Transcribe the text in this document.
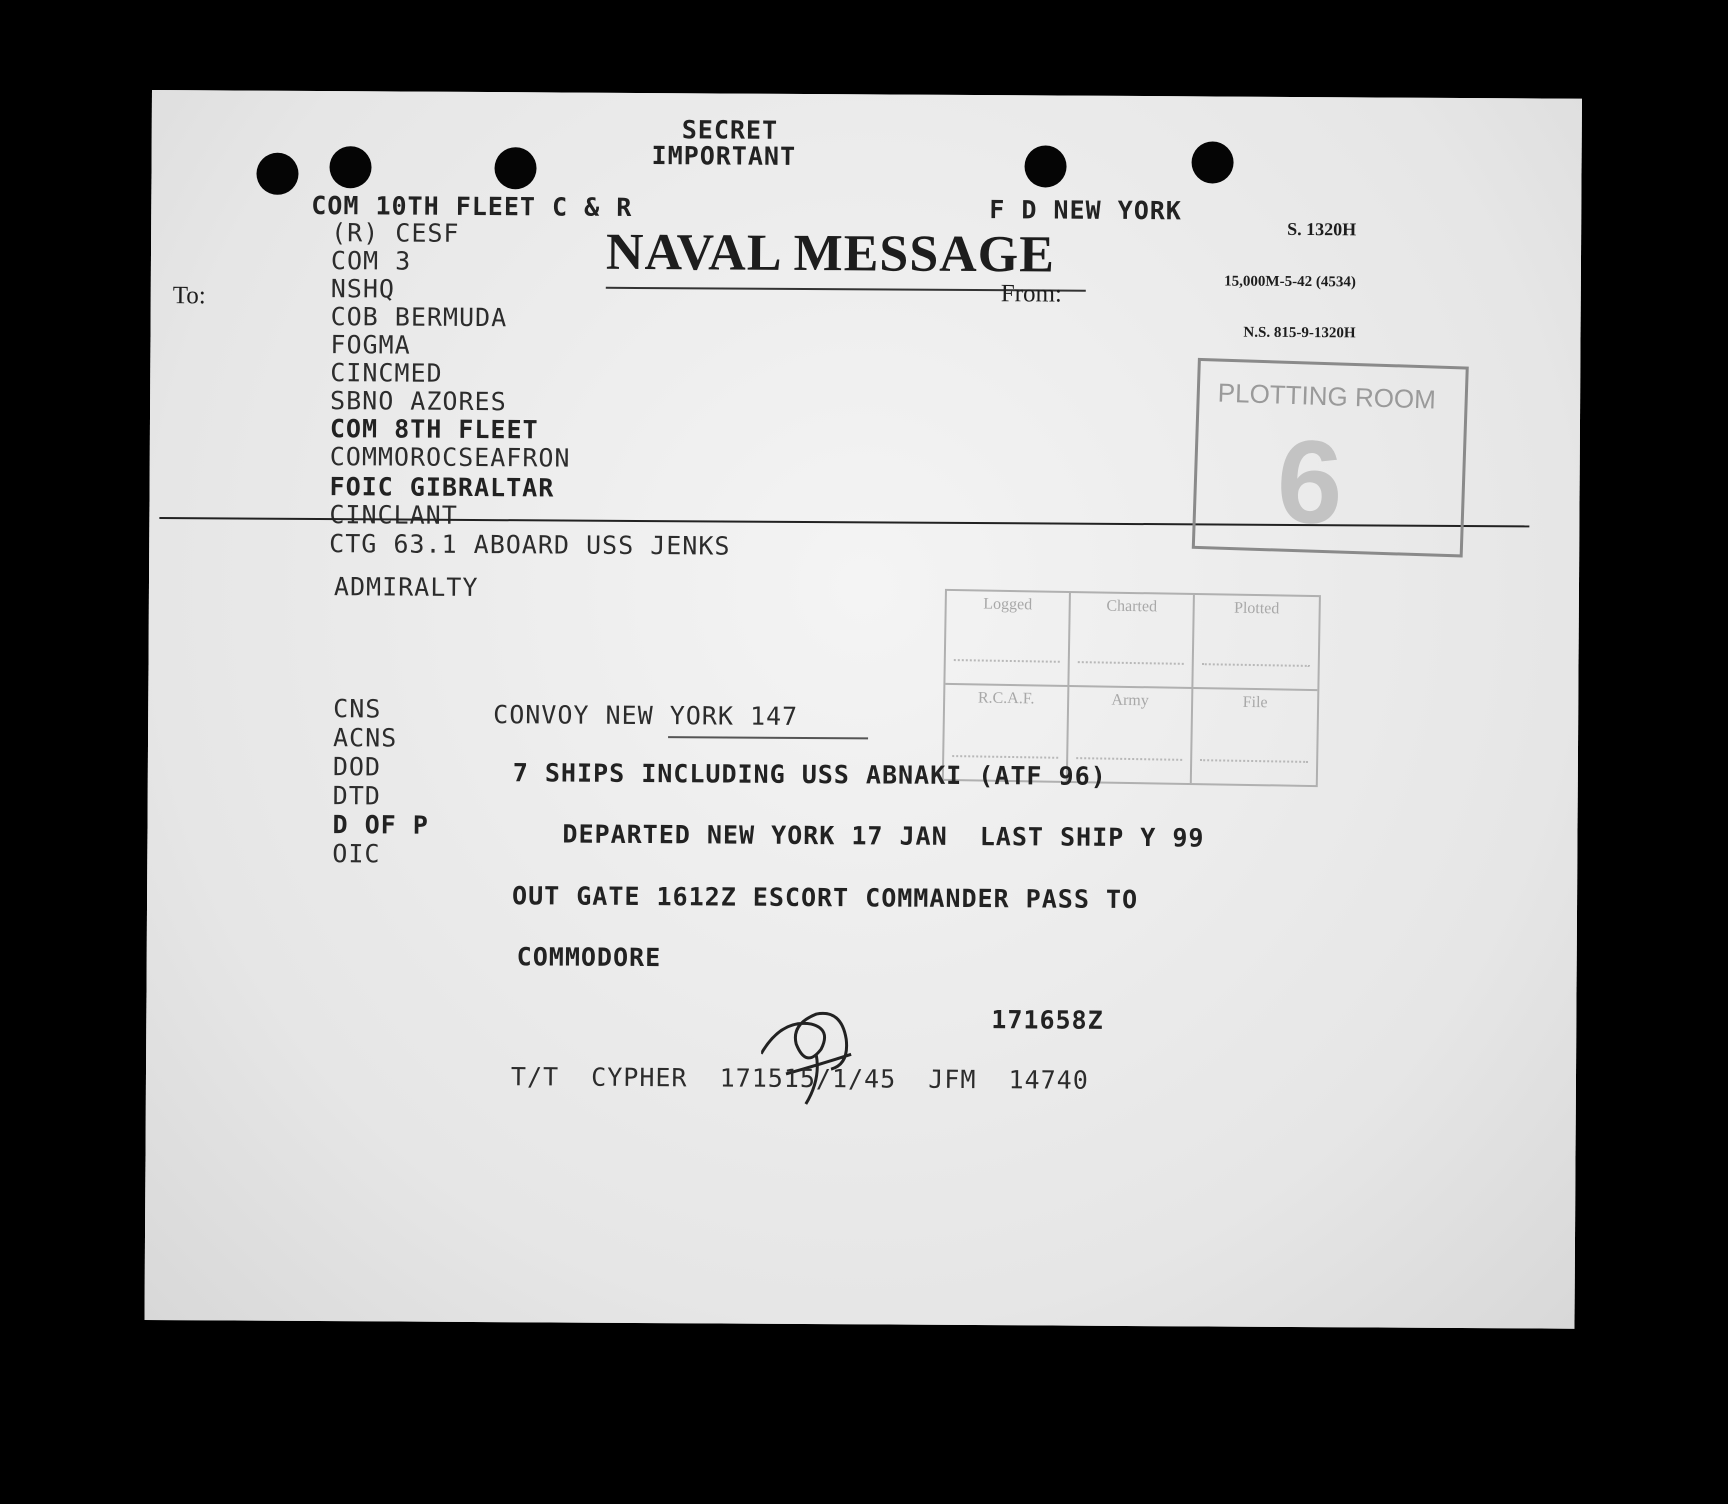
SECRET
IMPORTANT
COM 10TH FLEET C & R	F D NEW YORK
NAVAL MESSAGE

	S. 1320H

15,000M-5-42 (4534)

N.S. 815-9-1320H

To:	From:
(R) CESF
COM 3
NSHQ
COB BERMUDA
FOGMA
CINCMED
SBNO AZORES
COM 8TH FLEET
COMMOROCSEAFRON
FOIC GIBRALTAR
CINCLANT
CTG 63.1 ABOARD USS JENKS
ADMIRALTY
PLOTTING ROOM
6
Logged	Charted	Plotted
R.C.A.F.	Army	File
CNS
ACNS
DOD
DTD
D OF P
OIC
CONVOY NEW YORK 147
7 SHIPS INCLUDING USS ABNAKI (ATF 96)
DEPARTED NEW YORK 17 JAN  LAST SHIP Y 99
OUT GATE 1612Z ESCORT COMMANDER PASS TO
COMMODORE
171658Z
T/T  CYPHER  171515/1/45  JFM  14740
